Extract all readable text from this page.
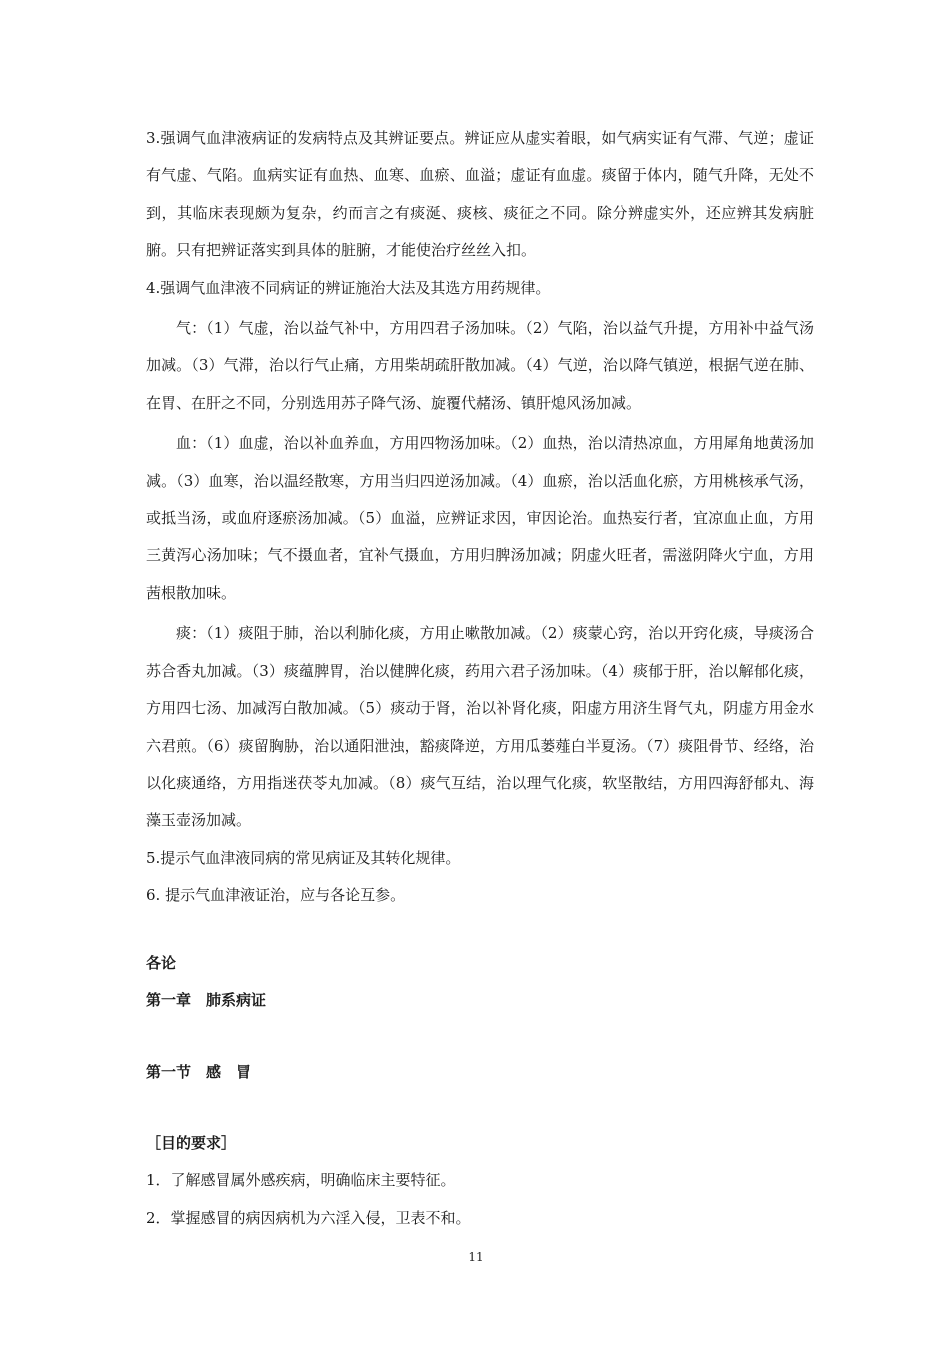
3.强调气血津液病证的发病特点及其辨证要点。辨证应从虚实着眼，如气病实证有气滞、气逆；虚证有气虚、气陷。血病实证有血热、血寒、血瘀、血溢；虚证有血虚。痰留于体内，随气升降，无处不到，其临床表现颇为复杂，约而言之有痰涎、痰核、痰征之不同。除分辨虚实外，还应辨其发病脏腑。只有把辨证落实到具体的脏腑，才能使治疗丝丝入扣。

4.强调气血津液不同病证的辨证施治大法及其选方用药规律。

气：（1）气虚，治以益气补中，方用四君子汤加味。（2）气陷，治以益气升提，方用补中益气汤加减。（3）气滞，治以行气止痛，方用柴胡疏肝散加减。（4）气逆，治以降气镇逆，根据气逆在肺、在胃、在肝之不同，分别选用苏子降气汤、旋覆代赭汤、镇肝熄风汤加减。

血：（1）血虚，治以补血养血，方用四物汤加味。（2）血热，治以清热凉血，方用犀角地黄汤加减。（3）血寒，治以温经散寒，方用当归四逆汤加减。（4）血瘀，治以活血化瘀，方用桃核承气汤，或抵当汤，或血府逐瘀汤加减。（5）血溢，应辨证求因，审因论治。血热妄行者，宜凉血止血，方用三黄泻心汤加味；气不摄血者，宜补气摄血，方用归脾汤加减；阴虚火旺者，需滋阴降火宁血，方用茜根散加味。

痰：（1）痰阻于肺，治以利肺化痰，方用止嗽散加减。（2）痰蒙心窍，治以开窍化痰，导痰汤合苏合香丸加减。（3）痰蕴脾胃，治以健脾化痰，药用六君子汤加味。（4）痰郁于肝，治以解郁化痰，方用四七汤、加减泻白散加减。（5）痰动于肾，治以补肾化痰，阳虚方用济生肾气丸，阴虚方用金水六君煎。（6）痰留胸胁，治以通阳泄浊，豁痰降逆，方用瓜蒌薤白半夏汤。（7）痰阻骨节、经络，治以化痰通络，方用指迷茯苓丸加减。（8）痰气互结，治以理气化痰，软坚散结，方用四海舒郁丸、海藻玉壶汤加减。

5.提示气血津液同病的常见病证及其转化规律。

6. 提示气血津液证治，应与各论互参。

各论

第一章　肺系病证

第一节　感　冒

［目的要求］

1．了解感冒属外感疾病，明确临床主要特征。

2．掌握感冒的病因病机为六淫入侵，卫表不和。

11
